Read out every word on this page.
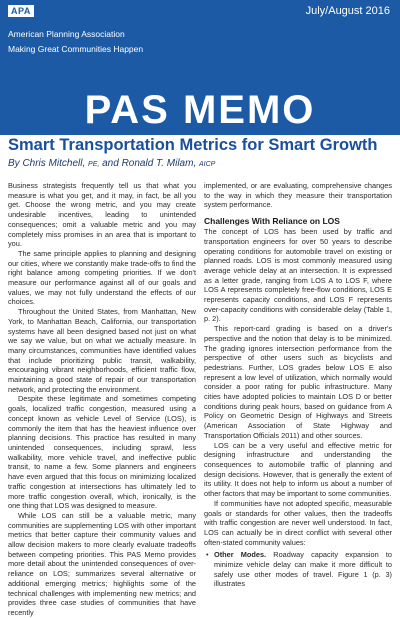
APA
American Planning Association
Making Great Communities Happen
July/August 2016
PAS MEMO
Smart Transportation Metrics for Smart Growth
By Chris Mitchell, PE, and Ronald T. Milam, AICP

Business strategists frequently tell us that what you measure is what you get, and it may, in fact, be all you get. Choose the wrong metric, and you may create undesirable incentives, leading to unintended consequences; omit a valuable metric and you may completely miss promises in an area that is important to you.

The same principle applies to planning and designing our cities, where we constantly make trade-offs to find the right balance among competing priorities. If we don't measure our performance against all of our goals and values, we may not fully understand the effects of our choices.

Throughout the United States, from Manhattan, New York, to Manhattan Beach, California, our transportation systems have all been designed based not just on what we say we value, but on what we actually measure. In many circumstances, communities have identified values that include prioritizing public transit, walkability, encouraging vibrant neighborhoods, efficient traffic flow, maintaining a good state of repair of our transportation network, and protecting the environment.

Despite these legitimate and sometimes competing goals, localized traffic congestion, measured using a concept known as vehicle Level of Service (LOS), is commonly the item that has the heaviest influence over planning decisions. This practice has resulted in many unintended consequences, including sprawl, less walkability, more vehicle travel, and ineffective public transit, to name a few. Some planners and engineers have even argued that this focus on minimizing localized traffic congestion at intersections has ultimately led to more traffic congestion overall, which, ironically, is the one thing that LOS was designed to measure.

While LOS can still be a valuable metric, many communities are supplementing LOS with other important metrics that better capture their community values and allow decision makers to more clearly evaluate tradeoffs between competing priorities. This PAS Memo provides more detail about the unintended consequences of over-reliance on LOS; summarizes several alternative or additional emerging metrics; highlights some of the technical challenges with implementing new metrics; and provides three case studies of communities that have recently

implemented, or are evaluating, comprehensive changes to the way in which they measure their transportation system performance.

Challenges With Reliance on LOS

The concept of LOS has been used by traffic and transportation engineers for over 50 years to describe operating conditions for automobile travel on existing or planned roads. LOS is most commonly measured using average vehicle delay at an intersection. It is expressed as a letter grade, ranging from LOS A to LOS F, where LOS A represents completely free-flow conditions, LOS E represents capacity conditions, and LOS F represents over-capacity conditions with considerable delay (Table 1, p. 2).

This report-card grading is based on a driver's perspective and the notion that delay is to be minimized. The grading ignores intersection performance from the perspective of other users such as bicyclists and pedestrians. Further, LOS grades below LOS E also represent a low level of utilization, which normally would consider a poor rating for public infrastructure. Many cities have adopted policies to maintain LOS D or better conditions during peak hours, based on guidance from A Policy on Geometric Design of Highways and Streets (American Association of State Highway and Transportation Officials 2011) and other sources.

LOS can be a very useful and effective metric for designing infrastructure and understanding the consequences to automobile traffic of planning and design decisions. However, that is generally the extent of its utility. It does not help to inform us about a number of other factors that may be important to some communities.

If communities have not adopted specific, measurable goals or standards for other values, then the tradeoffs with traffic congestion are never well understood. In fact, LOS can actually be in direct conflict with several other often-stated community values:

• Other Modes. Roadway capacity expansion to minimize vehicle delay can make it more difficult to safely use other modes of travel. Figure 1 (p. 3) illustrates
